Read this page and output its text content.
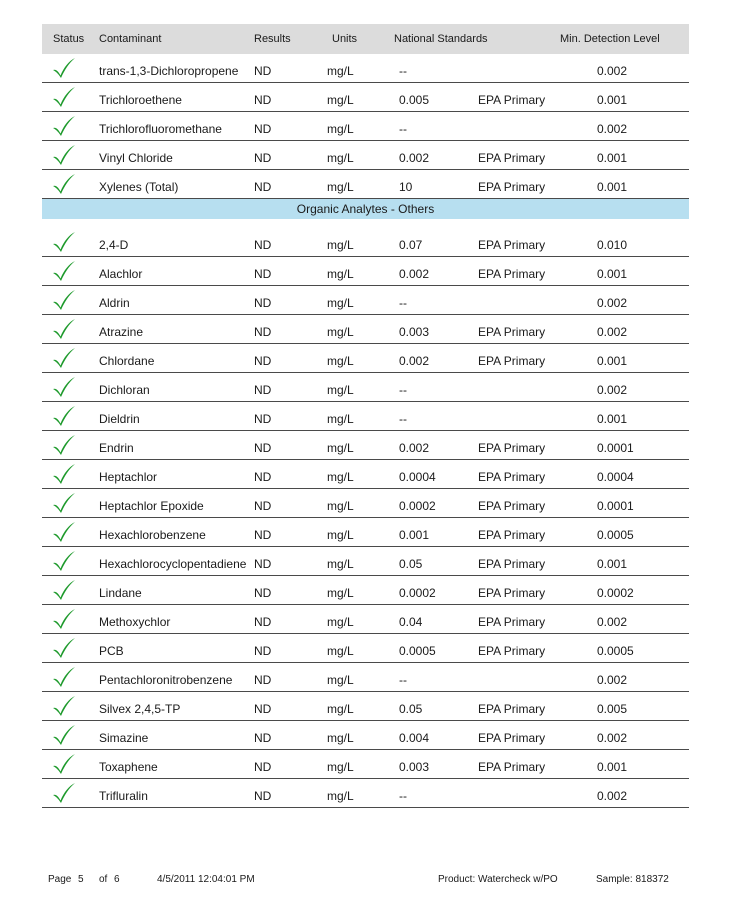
Status Contaminant	Results	Units	National Standards	Min. Detection Level
trans-1,3-Dichloropropene ND	mg/L	--	0.002
Trichloroethene	ND	mg/L	0.005	EPA Primary	0.001
Trichlorofluoromethane	ND	mg/L	--	0.002
Vinyl Chloride	ND	mg/L	0.002	EPA Primary	0.001
Xylenes (Total)	ND	mg/L	10	EPA Primary	0.001
Organic Analytes - Others
2,4-D	ND	mg/L	0.07	EPA Primary	0.010
Alachlor	ND	mg/L	0.002	EPA Primary	0.001
Aldrin	ND	mg/L	--	0.002
Atrazine	ND	mg/L	0.003	EPA Primary	0.002
Chlordane	ND	mg/L	0.002	EPA Primary	0.001
Dichloran	ND	mg/L	--	0.002
Dieldrin	ND	mg/L	--	0.001
Endrin	ND	mg/L	0.002	EPA Primary	0.0001
Heptachlor	ND	mg/L	0.0004	EPA Primary	0.0004
Heptachlor Epoxide	ND	mg/L	0.0002	EPA Primary	0.0001
Hexachlorobenzene	ND	mg/L	0.001	EPA Primary	0.0005
Hexachlorocyclopentadiene ND	mg/L	0.05	EPA Primary	0.001
Lindane	ND	mg/L	0.0002	EPA Primary	0.0002
Methoxychlor	ND	mg/L	0.04	EPA Primary	0.002
PCB	ND	mg/L	0.0005	EPA Primary	0.0005
Pentachloronitrobenzene ND	mg/L	--	0.002
Silvex 2,4,5-TP	ND	mg/L	0.05	EPA Primary	0.005
Simazine	ND	mg/L	0.004	EPA Primary	0.002
Toxaphene	ND	mg/L	0.003	EPA Primary	0.001
Trifluralin	ND	mg/L	--	0.002
Page 5 of 6	4/5/2011 12:04:01 PM	Product: Watercheck w/PO	Sample: 818372
